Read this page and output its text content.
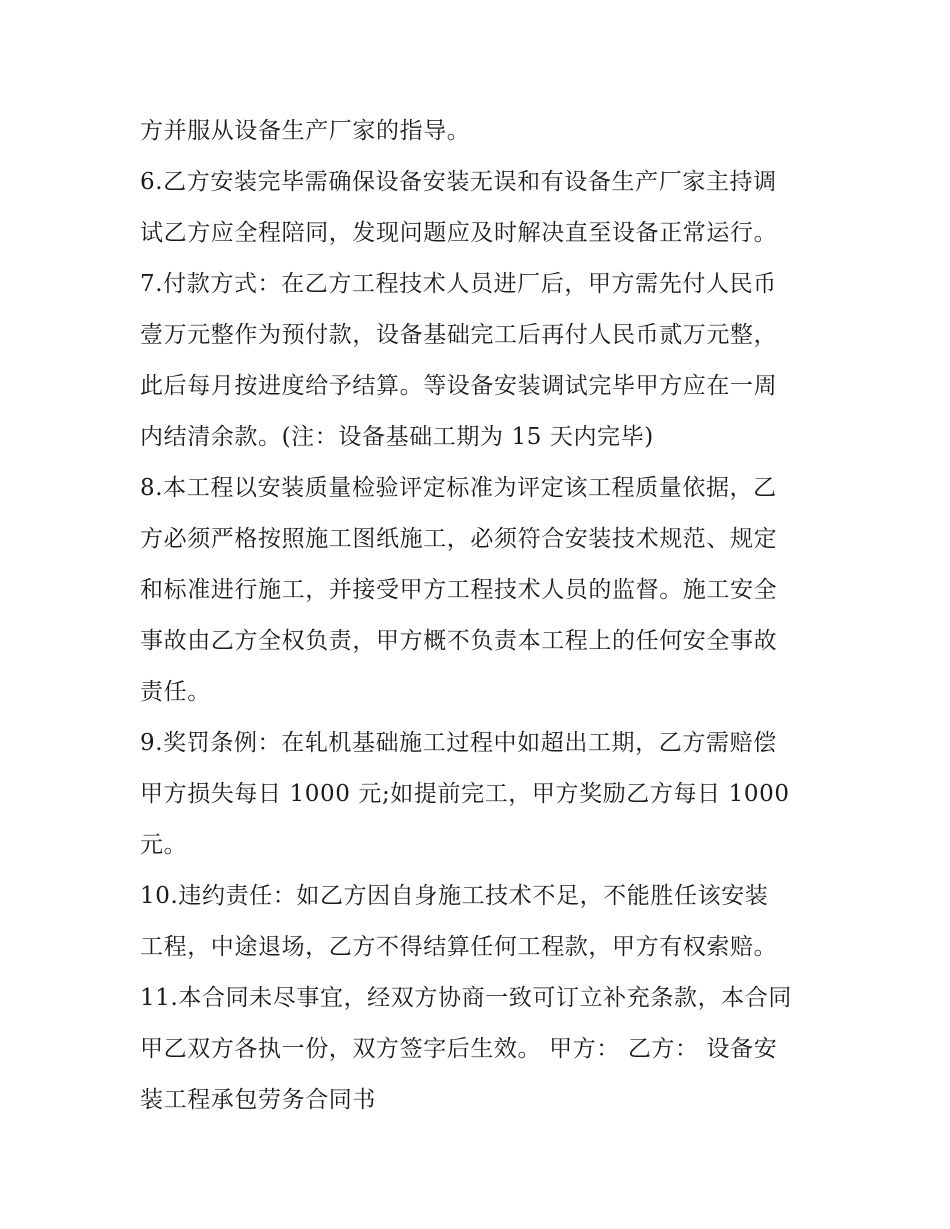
方并服从设备生产厂家的指导。
6.乙方安装完毕需确保设备安装无误和有设备生产厂家主持调
试乙方应全程陪同，发现问题应及时解决直至设备正常运行。
7.付款方式：在乙方工程技术人员进厂后，甲方需先付人民币
壹万元整作为预付款，设备基础完工后再付人民币贰万元整，
此后每月按进度给予结算。等设备安装调试完毕甲方应在一周
内结清余款。(注：设备基础工期为 15 天内完毕)
8.本工程以安装质量检验评定标准为评定该工程质量依据，乙
方必须严格按照施工图纸施工，必须符合安装技术规范、规定
和标准进行施工，并接受甲方工程技术人员的监督。施工安全
事故由乙方全权负责，甲方概不负责本工程上的任何安全事故
责任。
9.奖罚条例：在轧机基础施工过程中如超出工期，乙方需赔偿
甲方损失每日 1000 元;如提前完工，甲方奖励乙方每日 1000
元。
10.违约责任：如乙方因自身施工技术不足，不能胜任该安装
工程，中途退场，乙方不得结算任何工程款，甲方有权索赔。
11.本合同未尽事宜，经双方协商一致可订立补充条款，本合同
甲乙双方各执一份，双方签字后生效。 甲方： 乙方： 设备安
装工程承包劳务合同书
